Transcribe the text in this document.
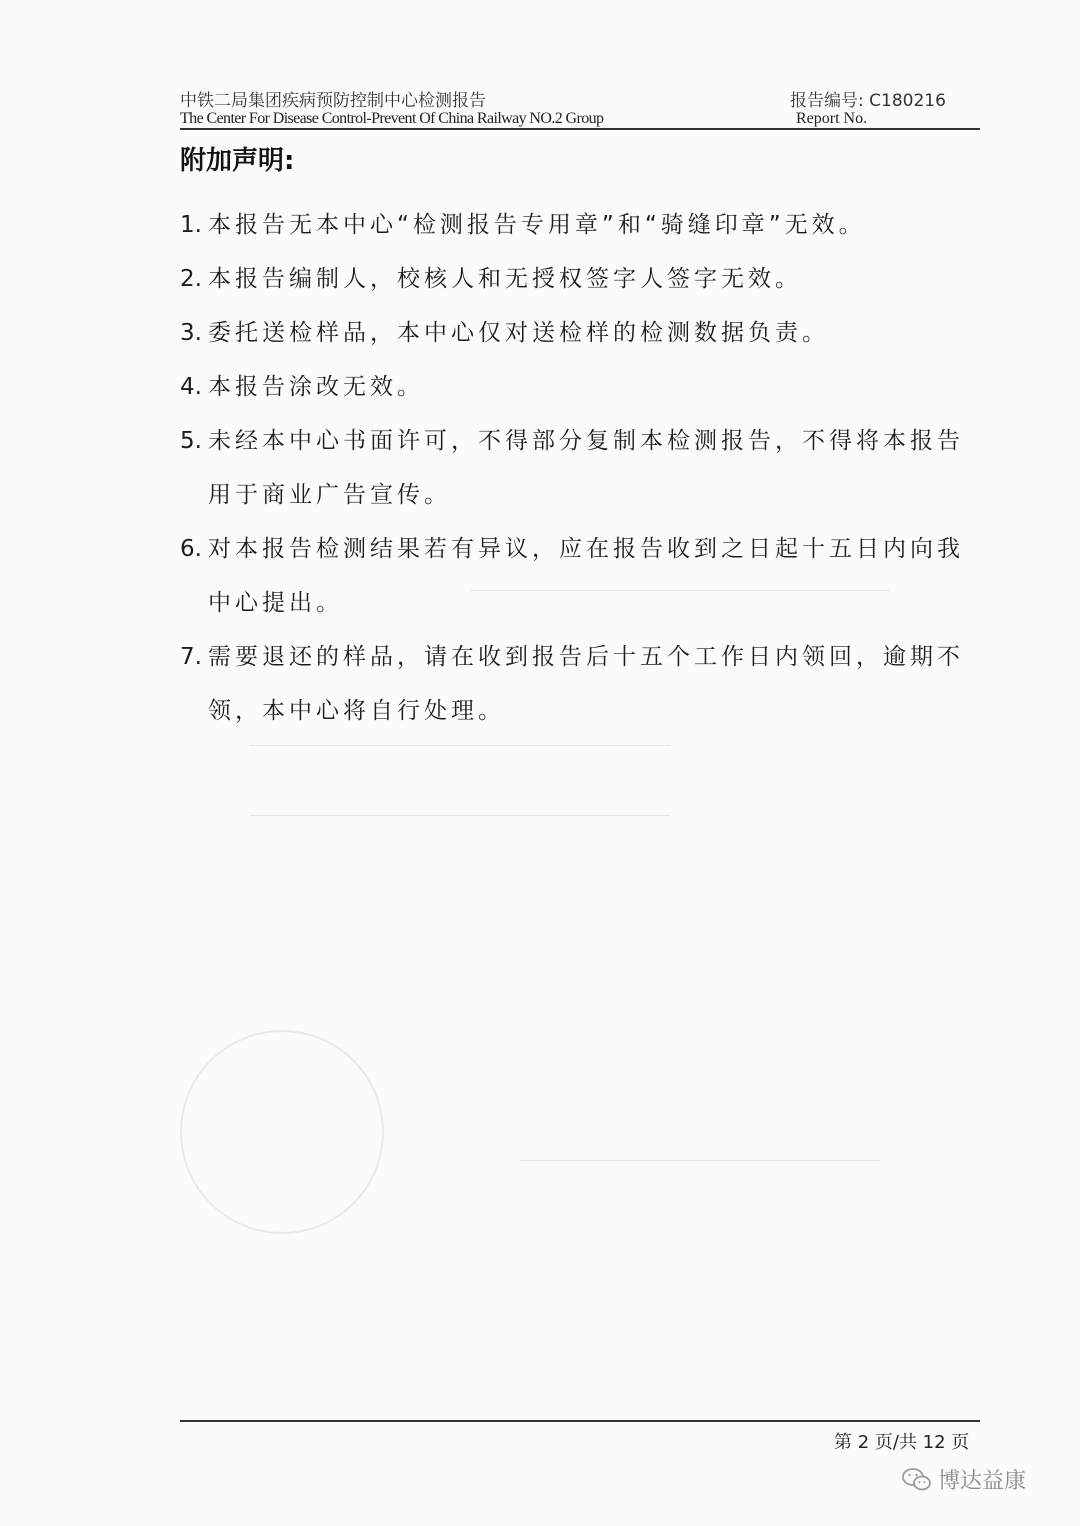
中铁二局集团疾病预防控制中心检测报告
The Center For Disease Control-Prevent Of China Railway NO.2 Group
报告编号: C180216
Report No.
附加声明:
1. 本报告无本中心“检测报告专用章”和“骑缝印章”无效。
2. 本报告编制人，校核人和无授权签字人签字无效。
3. 委托送检样品，本中心仅对送检样的检测数据负责。
4. 本报告涂改无效。
5. 未经本中心书面许可，不得部分复制本检测报告，不得将本报告用于商业广告宣传。
6. 对本报告检测结果若有异议，应在报告收到之日起十五日内向我中心提出。
7. 需要退还的样品，请在收到报告后十五个工作日内领回，逾期不领，本中心将自行处理。
第 2 页/共 12 页
博达益康
